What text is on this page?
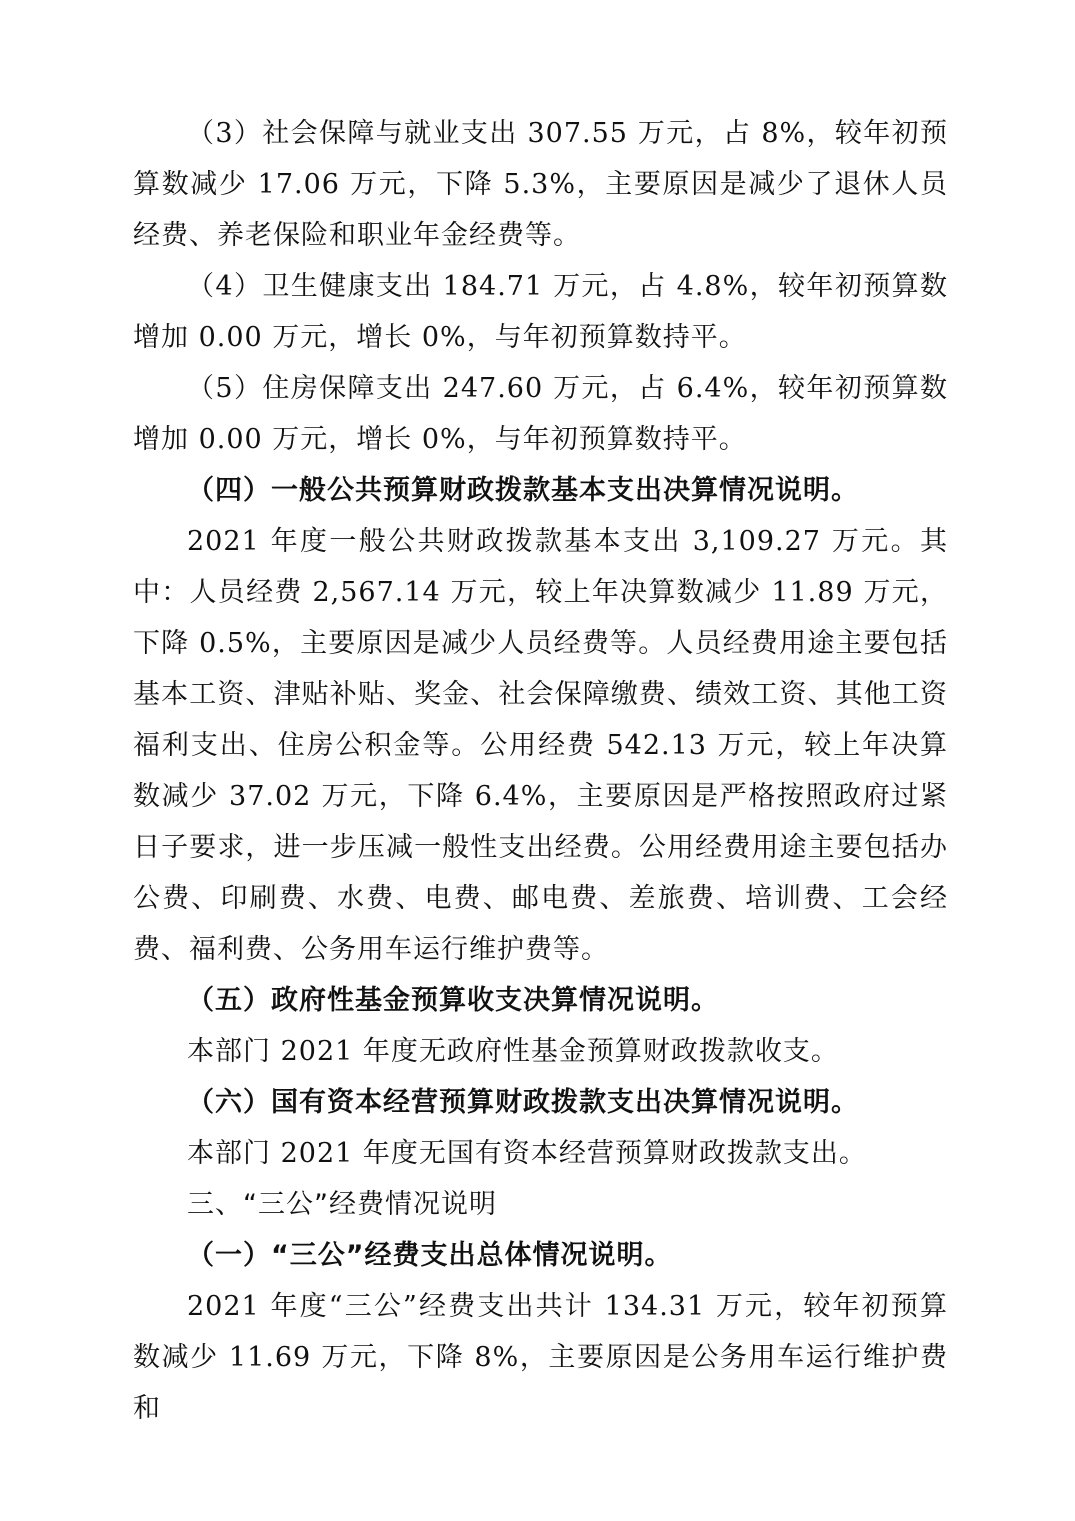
（3）社会保障与就业支出 307.55 万元，占 8%，较年初预算数减少 17.06 万元，下降 5.3%，主要原因是减少了退休人员经费、养老保险和职业年金经费等。

（4）卫生健康支出 184.71 万元，占 4.8%，较年初预算数增加 0.00 万元，增长 0%，与年初预算数持平。

（5）住房保障支出 247.60 万元，占 6.4%，较年初预算数增加 0.00 万元，增长 0%，与年初预算数持平。

（四）一般公共预算财政拨款基本支出决算情况说明。

2021 年度一般公共财政拨款基本支出 3,109.27 万元。其中：人员经费 2,567.14 万元，较上年决算数减少 11.89 万元，下降 0.5%，主要原因是减少人员经费等。人员经费用途主要包括基本工资、津贴补贴、奖金、社会保障缴费、绩效工资、其他工资福利支出、住房公积金等。公用经费 542.13 万元，较上年决算数减少 37.02 万元，下降 6.4%，主要原因是严格按照政府过紧日子要求，进一步压减一般性支出经费。公用经费用途主要包括办公费、印刷费、水费、电费、邮电费、差旅费、培训费、工会经费、福利费、公务用车运行维护费等。

（五）政府性基金预算收支决算情况说明。

本部门 2021 年度无政府性基金预算财政拨款收支。

（六）国有资本经营预算财政拨款支出决算情况说明。

本部门 2021 年度无国有资本经营预算财政拨款支出。

三、“三公”经费情况说明

（一）“三公”经费支出总体情况说明。

2021 年度“三公”经费支出共计 134.31 万元，较年初预算数减少 11.69 万元，下降 8%，主要原因是公务用车运行维护费和
